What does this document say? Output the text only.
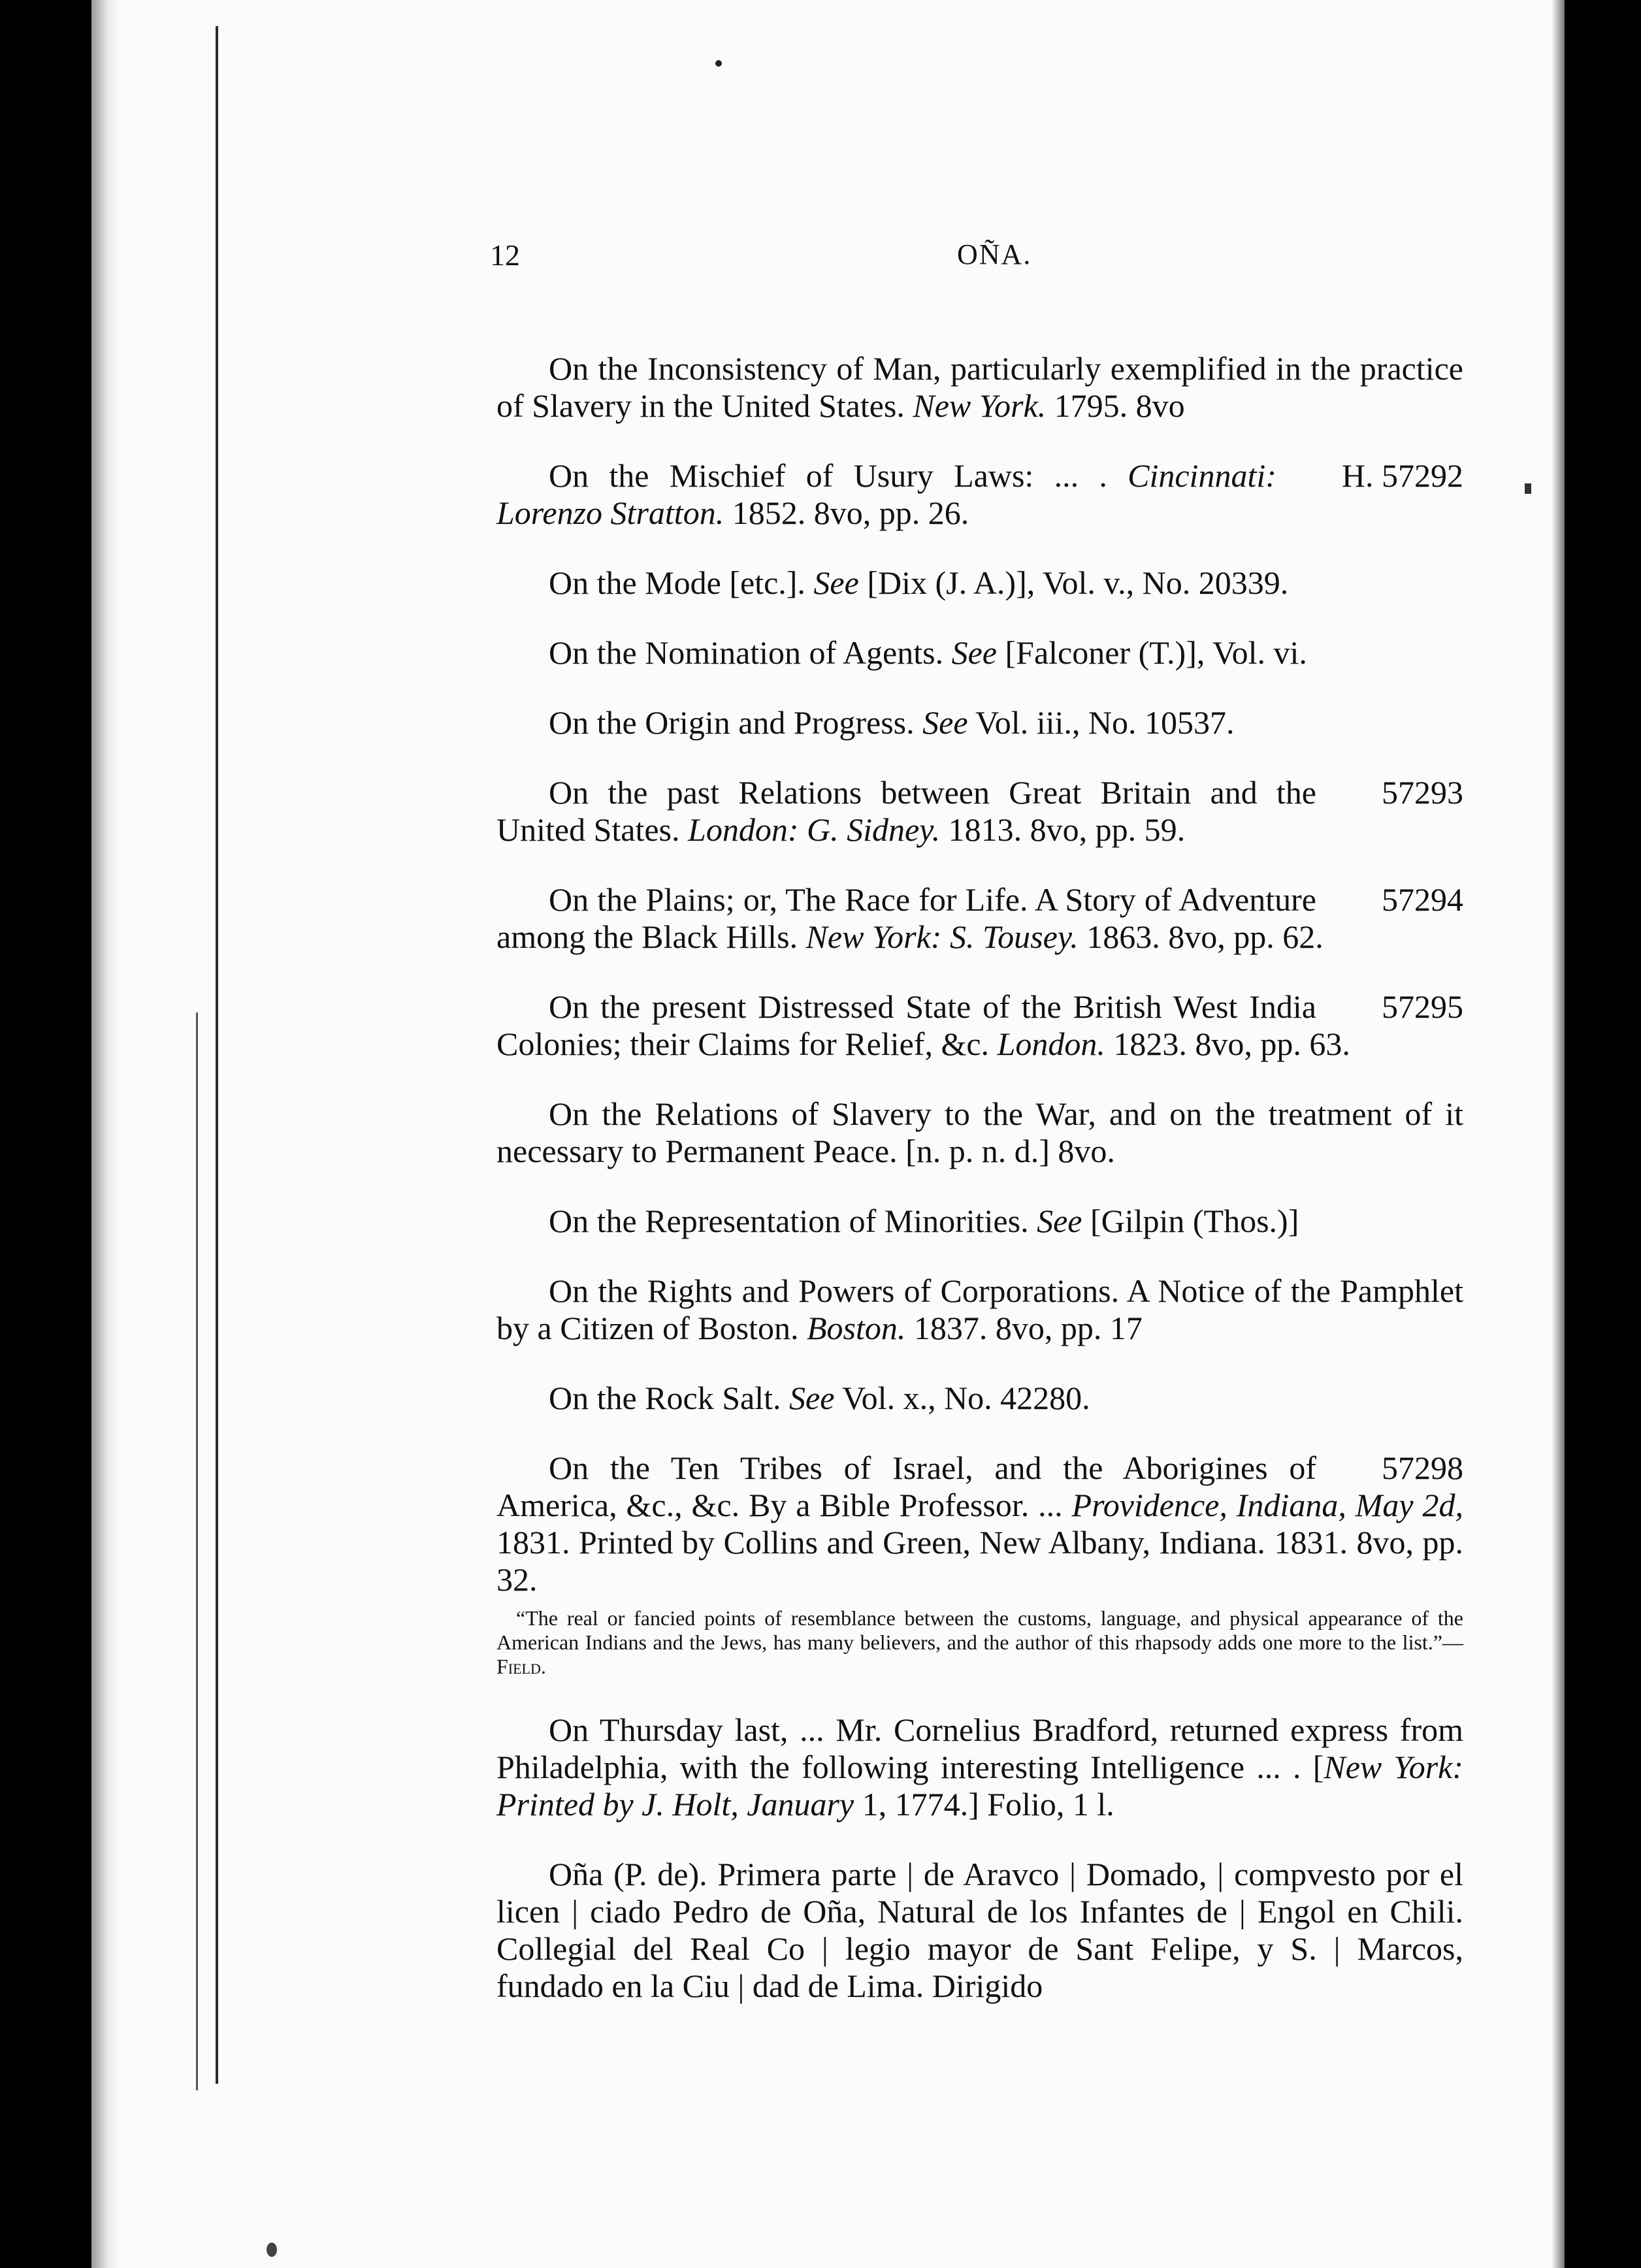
12	OÑA.

On the Inconsistency of Man, particularly exemplified in the practice of Slavery in the United States. New York. 1795. 8vo

H. 57292
On the Mischief of Usury Laws: ... . Cincinnati: Lorenzo Stratton. 1852. 8vo, pp. 26.

On the Mode [etc.]. See [Dix (J. A.)], Vol. v., No. 20339.

On the Nomination of Agents. See [Falconer (T.)], Vol. vi.

On the Origin and Progress. See Vol. iii., No. 10537.

57293
On the past Relations between Great Britain and the United States. London: G. Sidney. 1813. 8vo, pp. 59.

57294
On the Plains; or, The Race for Life. A Story of Adventure among the Black Hills. New York: S. Tousey. 1863. 8vo, pp. 62.

57295
On the present Distressed State of the British West India Colonies; their Claims for Relief, &c. London. 1823. 8vo, pp. 63.

On the Relations of Slavery to the War, and on the treatment of it necessary to Permanent Peace. [n. p. n. d.] 8vo.

On the Representation of Minorities. See [Gilpin (Thos.)]

On the Rights and Powers of Corporations. A Notice of the Pamphlet by a Citizen of Boston. Boston. 1837. 8vo, pp. 17

On the Rock Salt. See Vol. x., No. 42280.

57298
On the Ten Tribes of Israel, and the Aborigines of America, &c., &c. By a Bible Professor. ... Providence, Indiana, May 2d, 1831. Printed by Collins and Green, New Albany, Indiana. 1831. 8vo, pp. 32.

“The real or fancied points of resemblance between the customs, language, and physical appearance of the American Indians and the Jews, has many believers, and the author of this rhapsody adds one more to the list.”—Field.

On Thursday last, ... Mr. Cornelius Bradford, returned express from Philadelphia, with the following interesting Intelligence ... . [New York: Printed by J. Holt, January 1, 1774.] Folio, 1 l.

Oña (P. de). Primera parte | de Aravco | Domado, | compvesto por el licen | ciado Pedro de Oña, Natural de los Infantes de | Engol en Chili. Collegial del Real Co | legio mayor de Sant Felipe, y S. | Marcos, fundado en la Ciu | dad de Lima. Dirigido
